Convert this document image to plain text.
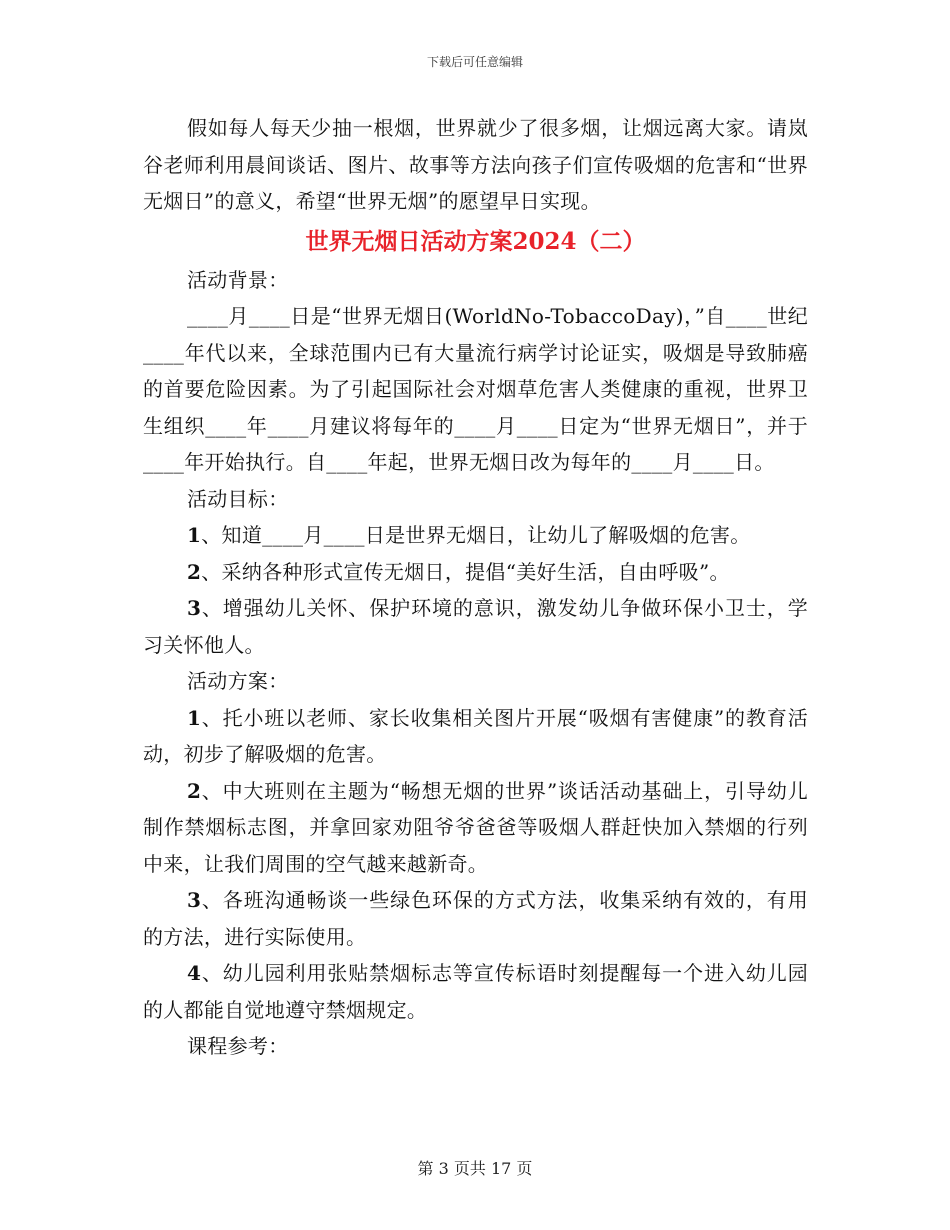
下载后可任意编辑

假如每人每天少抽一根烟，世界就少了很多烟，让烟远离大家。请岚谷老师利用晨间谈话、图片、故事等方法向孩子们宣传吸烟的危害和“世界无烟日”的意义，希望“世界无烟”的愿望早日实现。

世界无烟日活动方案2024（二）

活动背景：

____月____日是“世界无烟日(WorldNo-TobaccoDay)，”自____世纪____年代以来，全球范围内已有大量流行病学讨论证实，吸烟是导致肺癌的首要危险因素。为了引起国际社会对烟草危害人类健康的重视，世界卫生组织____年____月建议将每年的____月____日定为“世界无烟日”，并于____年开始执行。自____年起，世界无烟日改为每年的____月____日。

活动目标：

1、知道____月____日是世界无烟日，让幼儿了解吸烟的危害。

2、采纳各种形式宣传无烟日，提倡“美好生活，自由呼吸”。

3、增强幼儿关怀、保护环境的意识，激发幼儿争做环保小卫士，学习关怀他人。

活动方案：

1、托小班以老师、家长收集相关图片开展“吸烟有害健康”的教育活动，初步了解吸烟的危害。

2、中大班则在主题为“畅想无烟的世界”谈话活动基础上，引导幼儿制作禁烟标志图，并拿回家劝阻爷爷爸爸等吸烟人群赶快加入禁烟的行列中来，让我们周围的空气越来越新奇。

3、各班沟通畅谈一些绿色环保的方式方法，收集采纳有效的，有用的方法，进行实际使用。

4、幼儿园利用张贴禁烟标志等宣传标语时刻提醒每一个进入幼儿园的人都能自觉地遵守禁烟规定。

课程参考：

第 3 页共 17 页
